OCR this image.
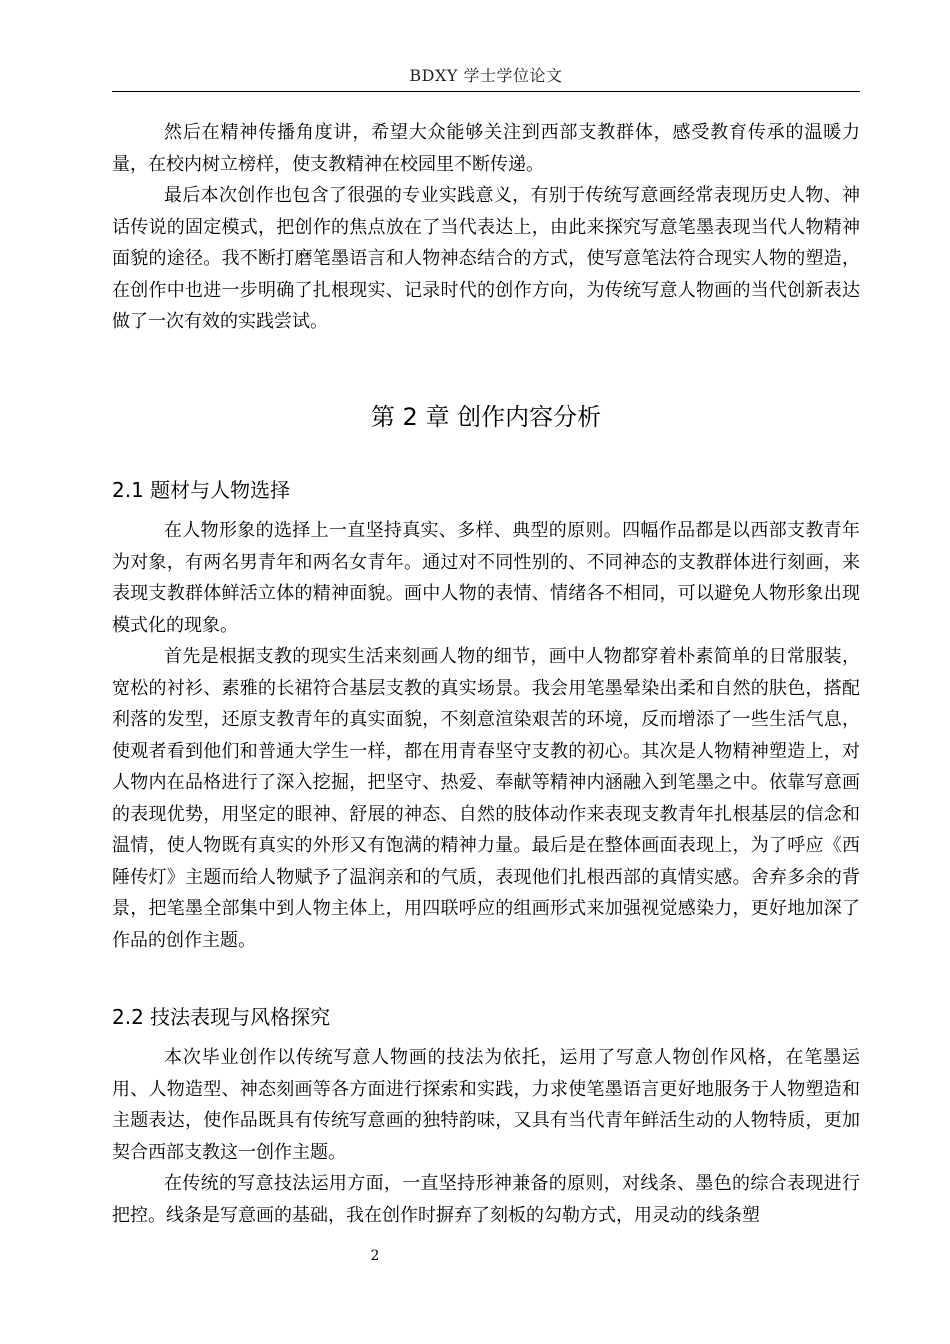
BDXY 学士学位论文

然后在精神传播角度讲，希望大众能够关注到西部支教群体，感受教育传承的温暖力量，在校内树立榜样，使支教精神在校园里不断传递。

最后本次创作也包含了很强的专业实践意义，有别于传统写意画经常表现历史人物、神话传说的固定模式，把创作的焦点放在了当代表达上，由此来探究写意笔墨表现当代人物精神面貌的途径。我不断打磨笔墨语言和人物神态结合的方式，使写意笔法符合现实人物的塑造，在创作中也进一步明确了扎根现实、记录时代的创作方向，为传统写意人物画的当代创新表达做了一次有效的实践尝试。

第 2 章 创作内容分析
2.1 题材与人物选择

在人物形象的选择上一直坚持真实、多样、典型的原则。四幅作品都是以西部支教青年为对象，有两名男青年和两名女青年。通过对不同性别的、不同神态的支教群体进行刻画，来表现支教群体鲜活立体的精神面貌。画中人物的表情、情绪各不相同，可以避免人物形象出现模式化的现象。

首先是根据支教的现实生活来刻画人物的细节，画中人物都穿着朴素简单的日常服装，宽松的衬衫、素雅的长裙符合基层支教的真实场景。我会用笔墨晕染出柔和自然的肤色，搭配利落的发型，还原支教青年的真实面貌，不刻意渲染艰苦的环境，反而增添了一些生活气息，使观者看到他们和普通大学生一样，都在用青春坚守支教的初心。其次是人物精神塑造上，对人物内在品格进行了深入挖掘，把坚守、热爱、奉献等精神内涵融入到笔墨之中。依靠写意画的表现优势，用坚定的眼神、舒展的神态、自然的肢体动作来表现支教青年扎根基层的信念和温情，使人物既有真实的外形又有饱满的精神力量。最后是在整体画面表现上，为了呼应《西陲传灯》主题而给人物赋予了温润亲和的气质，表现他们扎根西部的真情实感。舍弃多余的背景，把笔墨全部集中到人物主体上，用四联呼应的组画形式来加强视觉感染力，更好地加深了作品的创作主题。

2.2 技法表现与风格探究

本次毕业创作以传统写意人物画的技法为依托，运用了写意人物创作风格，在笔墨运用、人物造型、神态刻画等各方面进行探索和实践，力求使笔墨语言更好地服务于人物塑造和主题表达，使作品既具有传统写意画的独特韵味，又具有当代青年鲜活生动的人物特质，更加契合西部支教这一创作主题。

在传统的写意技法运用方面，一直坚持形神兼备的原则，对线条、墨色的综合表现进行把控。线条是写意画的基础，我在创作时摒弃了刻板的勾勒方式，用灵动的线条塑

2
